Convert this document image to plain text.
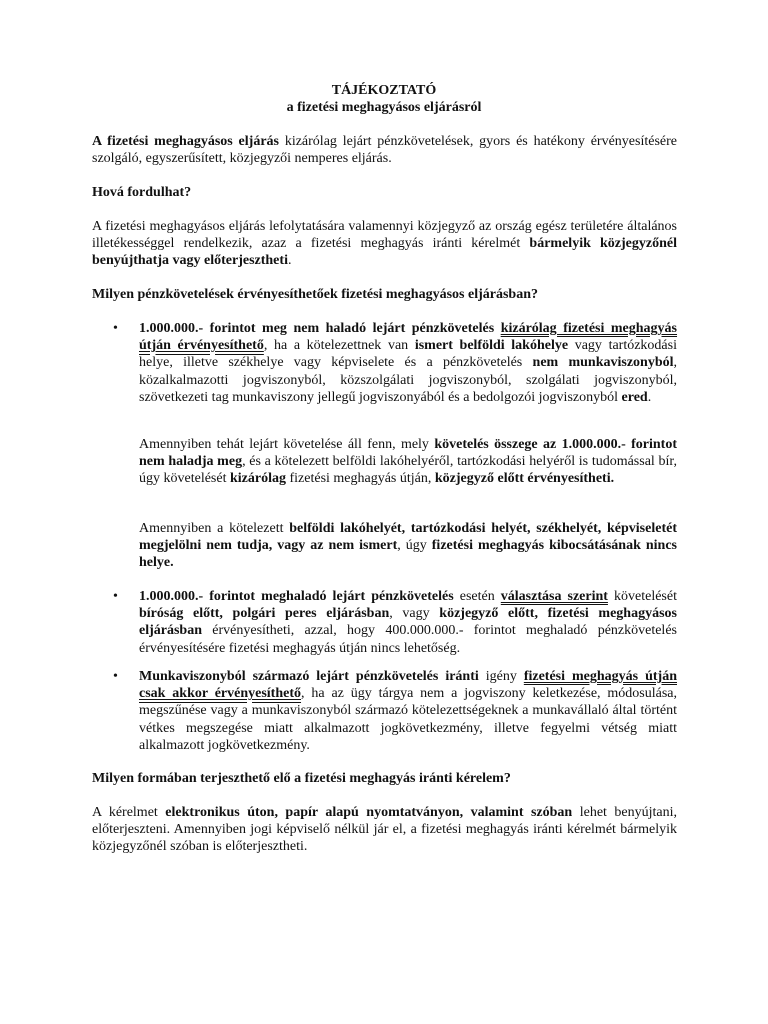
TÁJÉKOZTATÓ
a fizetési meghagyásos eljárásról
A fizetési meghagyásos eljárás kizárólag lejárt pénzkövetelések, gyors és hatékony érvényesítésére szolgáló, egyszerűsített, közjegyzői nemperes eljárás.
Hová fordulhat?
A fizetési meghagyásos eljárás lefolytatására valamennyi közjegyző az ország egész területére általános illetékességgel rendelkezik, azaz a fizetési meghagyás iránti kérelmét bármelyik közjegyzőnél benyújthatja vagy előterjesztheti.
Milyen pénzkövetelések érvényesíthetőek fizetési meghagyásos eljárásban?
• 1.000.000.- forintot meg nem haladó lejárt pénzkövetelés kizárólag fizetési meghagyás útján érvényesíthető, ha a kötelezettnek van ismert belföldi lakóhelye vagy tartózkodási helye, illetve székhelye vagy képviselete és a pénzkövetelés nem munkaviszonyból, közalkalmazotti jogviszonyból, közszolgálati jogviszonyból, szolgálati jogviszonyból, szövetkezeti tag munkaviszony jellegű jogviszonyából és a bedolgozói jogviszonyból ered.
Amennyiben tehát lejárt követelése áll fenn, mely követelés összege az 1.000.000.- forintot nem haladja meg, és a kötelezett belföldi lakóhelyéről, tartózkodási helyéről is tudomással bír, úgy követelését kizárólag fizetési meghagyás útján, közjegyző előtt érvényesítheti.
Amennyiben a kötelezett belföldi lakóhelyét, tartózkodási helyét, székhelyét, képviseletét megjelölni nem tudja, vagy az nem ismert, úgy fizetési meghagyás kibocsátásának nincs helye.
• 1.000.000.- forintot meghaladó lejárt pénzkövetelés esetén választása szerint követelését bíróság előtt, polgári peres eljárásban, vagy közjegyző előtt, fizetési meghagyásos eljárásban érvényesítheti, azzal, hogy 400.000.000.- forintot meghaladó pénzkövetelés érvényesítésére fizetési meghagyás útján nincs lehetőség.
• Munkaviszonyból származó lejárt pénzkövetelés iránti igény fizetési meghagyás útján csak akkor érvényesíthető, ha az ügy tárgya nem a jogviszony keletkezése, módosulása, megszűnése vagy a munkaviszonyból származó kötelezettségeknek a munkavállaló által történt vétkes megszegése miatt alkalmazott jogkövetkezmény, illetve fegyelmi vétség miatt alkalmazott jogkövetkezmény.
Milyen formában terjeszthető elő a fizetési meghagyás iránti kérelem?
A kérelmet elektronikus úton, papír alapú nyomtatványon, valamint szóban lehet benyújtani, előterjeszteni. Amennyiben jogi képviselő nélkül jár el, a fizetési meghagyás iránti kérelmét bármelyik közjegyzőnél szóban is előterjesztheti.
